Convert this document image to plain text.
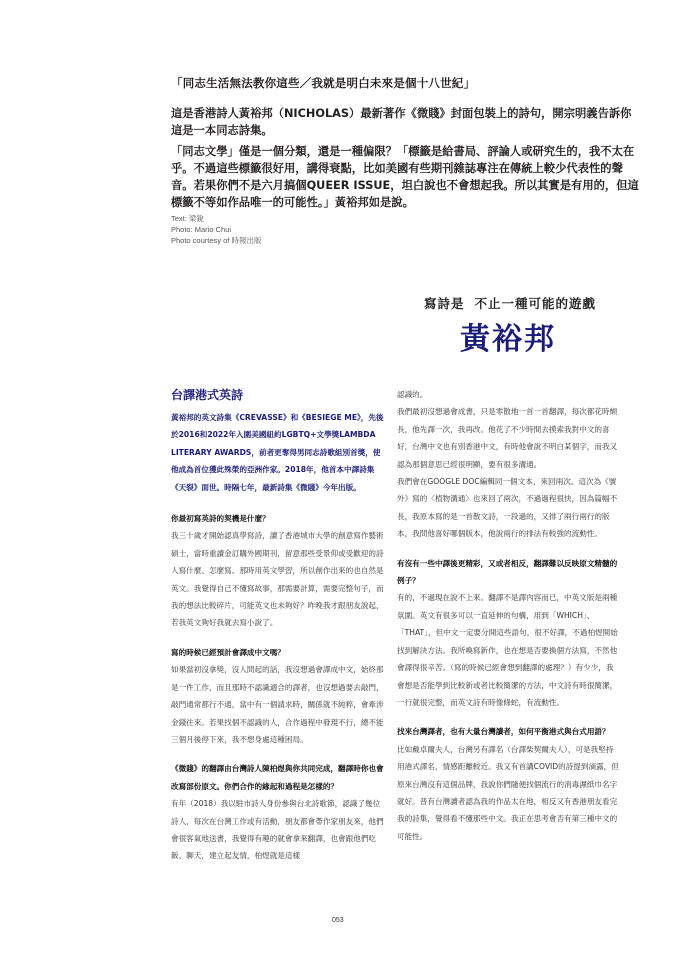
「同志生活無法教你這些／我就是明白未來是個十八世紀」

這是香港詩人黃裕邦（NICHOLAS）最新著作《微賤》封面包裝上的詩句，開宗明義告訴你這是一本同志詩集。

「同志文學」僅是一個分類，還是一種偏限？「標籤是給書局、評論人或研究生的，我不太在乎。不過這些標籤很好用，講得衰點，比如美國有些期刊雜誌專注在傳統上較少代表性的聲音。若果你們不是六月搞個QUEER ISSUE，坦白說也不會想起我。所以其實是有用的，但這標籤不等如作品唯一的可能性。」黃裕邦如是說。

Text: 梁銳
Photo: Mario Chui
Photo courtesy of 時報出版
寫詩是 不止一種可能的遊戲
黃裕邦
台譯港式英詩

黃裕邦的英文詩集《CREVASSE》和《BESIEGE ME》，先後於2016和2022年入圍美國紐約LGBTQ+文學獎LAMBDA LITERARY AWARDS，前者更奪得男同志詩歌組別首獎，使他成為首位獲此殊榮的亞洲作家。2018年，他首本中譯詩集《天裂》面世。時隔七年，最新詩集《微賤》今年出版。

你最初寫英詩的契機是什麼？

我三十歲才開始認真學寫詩，讀了香港城市大學的創意寫作藝術碩士，當時重讀金訂購外國期刊，留意那些受景仰或受歡迎的詩人寫什麼、怎麼寫。那時用英文學習，所以創作出來的也自然是英文。我覺得自己不懂寫故事，那需要計算，需要完整句子，而我的想法比較碎片，可能英文也未夠好？昨晚我才跟朋友說起，若我英文夠好我就去寫小說了。

寫的時候已經預計會譯成中文嗎？

如果當初沒拿獎，沒人問起的話，我沒想過會譯成中文，始終那是一件工作，而且那時不認識適合的譯者，也沒想過要去敲門，敲門通常都行不通，當中有一個請求時，關係就不純粹，會牽涉金錢往來。若果找個不認識的人，合作過程中發現不行，總不能三個月後停下來，我不想身處這種困局。

《微賤》的翻譯由台灣詩人陳柏煜與你共同完成，翻譯時你也會改寫部份原文。你們合作的緣起和過程是怎樣的？

有年（2018）我以駐市詩人身份參與台北詩歌節，認識了幾位詩人，每次在台灣工作或有活動，朋友都會帶作家朋友來，他們會很客氣地送書，我覺得有趣的就會拿來翻譯，也會跟他們吃飯、聊天，建立起友情，柏煜就是這樣

認識的。

我們最初沒想過會成書，只是零散地一首一首翻譯，每次都花時頗長，他先譯一次，我再改。他花了不少時間去摸索我對中文的喜好，台灣中文也有別香港中文，有時他會說不明白某個字，而我又認為那個意思已經很明顯，要有很多溝通。

我們會在GOOGLE DOC編輯同一個文本，來回兩次。這次為《號外》寫的〈植物溝通〉也來回了兩次，不過過程很快，因為篇幅不長，我原本寫的是一首散文詩，一段過的，又排了兩行兩行的版本，我問他喜好哪個版本，他說兩行的排法有較強的流動性。

有沒有一些中譯後更精彩，又或者相反，翻譯難以反映原文精髓的例子？

有的，不過現在說不上來。翻譯不是譯內容而已，中英文版是兩種氛圍。英文有很多可以一直延伸的句構，用到「WHICH」、「THAT」，但中文一定要分開這些語句，很不好譯，不過柏煜開始找到解決方法。我所喚寫新作，也在想是否要換個方法寫，不然他會譯得很辛苦。（寫的時候已經會想到翻譯的處理？）有少少，我會想是否能學到比較新或者比較簡潔的方法，中文詩有時很簡潔，一行就很完整，而英文詩有時像條蛇，有流動性。

找來台灣譯者，也有大量台灣讀者，如何平衡港式與台式用語？

比如戴卓爾夫人，台灣另有譯名（台譯柴契爾夫人），可是我堅持用港式譯名，情感距離較近。我又有首講COVID的詩提到滴露，但原來台灣沒有這個品牌，我說你們隨便找個流行的消毒濕紙巾名字就好。普有台灣讀者認為我的作品太在地，相反又有香港朋友看完我的詩集，覺得看不懂那些中文。我正在思考會否有第三種中文的可能性。

053
